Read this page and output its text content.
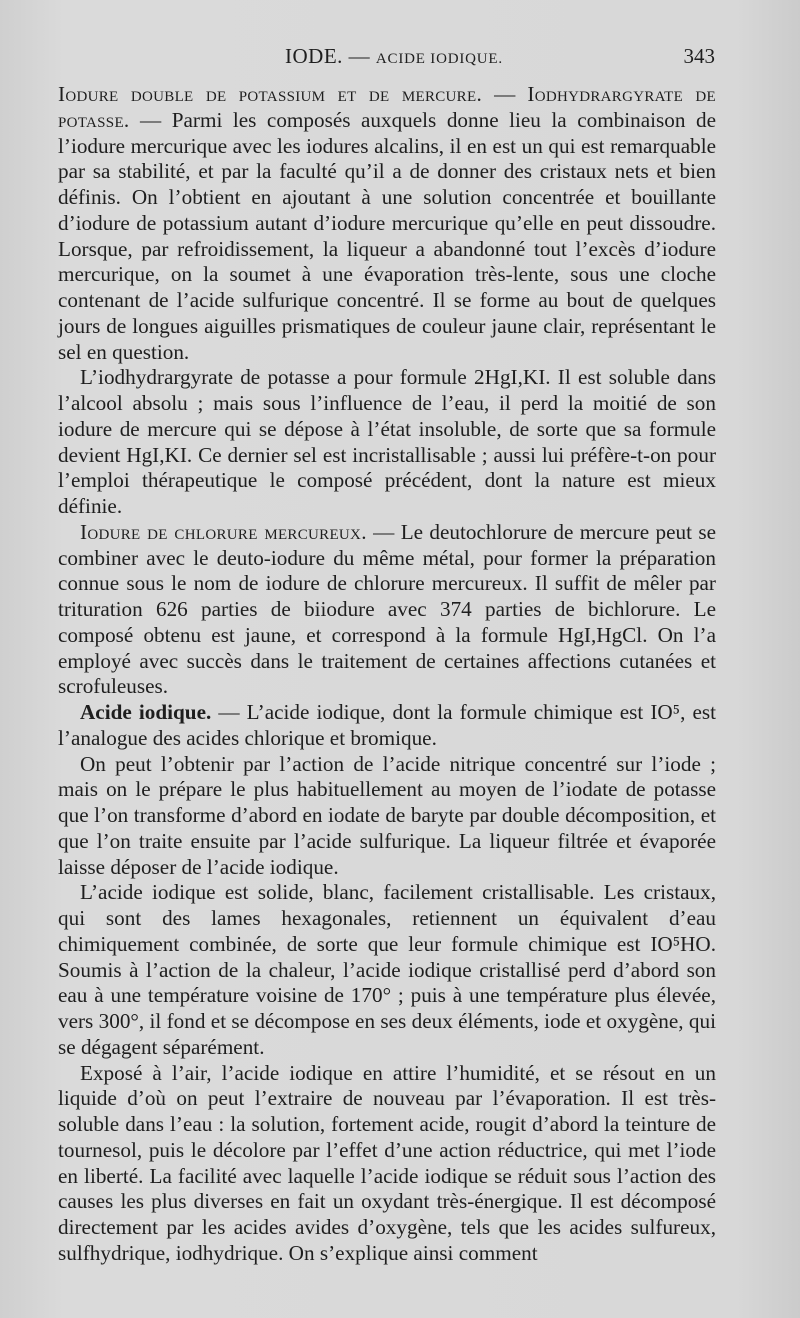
IODE. — ACIDE IODIQUE.	343

Iodure double de potassium et de mercure. — Iodhydrargyrate de potasse. — Parmi les composés auxquels donne lieu la combinaison de l’iodure mercurique avec les iodures alcalins, il en est un qui est remarquable par sa stabilité, et par la faculté qu’il a de donner des cristaux nets et bien définis. On l’obtient en ajoutant à une solution concentrée et bouillante d’iodure de potassium autant d’iodure mercurique qu’elle en peut dissoudre. Lorsque, par refroidissement, la liqueur a abandonné tout l’excès d’iodure mercurique, on la soumet à une évaporation très-lente, sous une cloche contenant de l’acide sulfurique concentré. Il se forme au bout de quelques jours de longues aiguilles prismatiques de couleur jaune clair, représentant le sel en question.

L’iodhydrargyrate de potasse a pour formule 2HgI,KI. Il est soluble dans l’alcool absolu ; mais sous l’influence de l’eau, il perd la moitié de son iodure de mercure qui se dépose à l’état insoluble, de sorte que sa formule devient HgI,KI. Ce dernier sel est incristallisable ; aussi lui préfère-t-on pour l’emploi thérapeutique le composé précédent, dont la nature est mieux définie.

Iodure de chlorure mercureux. — Le deutochlorure de mercure peut se combiner avec le deuto-iodure du même métal, pour former la préparation connue sous le nom de iodure de chlorure mercureux. Il suffit de mêler par trituration 626 parties de biiodure avec 374 parties de bichlorure. Le composé obtenu est jaune, et correspond à la formule HgI,HgCl. On l’a employé avec succès dans le traitement de certaines affections cutanées et scrofuleuses.

Acide iodique. — L’acide iodique, dont la formule chimique est IO⁵, est l’analogue des acides chlorique et bromique.

On peut l’obtenir par l’action de l’acide nitrique concentré sur l’iode ; mais on le prépare le plus habituellement au moyen de l’iodate de potasse que l’on transforme d’abord en iodate de baryte par double décomposition, et que l’on traite ensuite par l’acide sulfurique. La liqueur filtrée et évaporée laisse déposer de l’acide iodique.

L’acide iodique est solide, blanc, facilement cristallisable. Les cristaux, qui sont des lames hexagonales, retiennent un équivalent d’eau chimiquement combinée, de sorte que leur formule chimique est IO⁵HO. Soumis à l’action de la chaleur, l’acide iodique cristallisé perd d’abord son eau à une température voisine de 170° ; puis à une température plus élevée, vers 300°, il fond et se décompose en ses deux éléments, iode et oxygène, qui se dégagent séparément.

Exposé à l’air, l’acide iodique en attire l’humidité, et se résout en un liquide d’où on peut l’extraire de nouveau par l’évaporation. Il est très-soluble dans l’eau : la solution, fortement acide, rougit d’abord la teinture de tournesol, puis le décolore par l’effet d’une action réductrice, qui met l’iode en liberté. La facilité avec laquelle l’acide iodique se réduit sous l’action des causes les plus diverses en fait un oxydant très-énergique. Il est décomposé directement par les acides avides d’oxygène, tels que les acides sulfureux, sulfhydrique, iodhydrique. On s’explique ainsi comment
